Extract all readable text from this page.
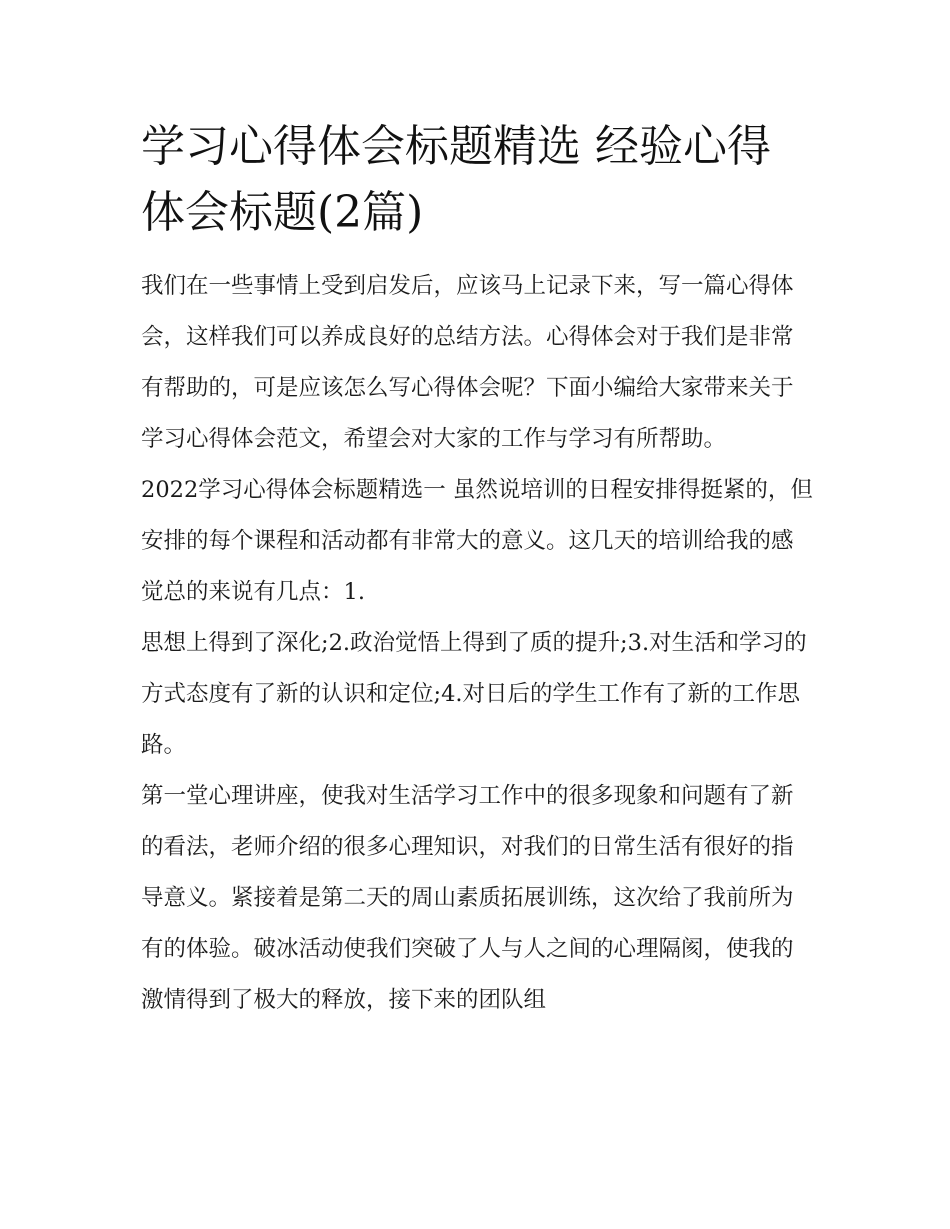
学习心得体会标题精选 经验心得体会标题(2篇)

我们在一些事情上受到启发后，应该马上记录下来，写一篇心得体会，这样我们可以养成良好的总结方法。心得体会对于我们是非常有帮助的，可是应该怎么写心得体会呢？下面小编给大家带来关于学习心得体会范文，希望会对大家的工作与学习有所帮助。

2022学习心得体会标题精选一 虽然说培训的日程安排得挺紧的，但安排的每个课程和活动都有非常大的意义。这几天的培训给我的感觉总的来说有几点：1.

思想上得到了深化;2.政治觉悟上得到了质的提升;3.对生活和学习的方式态度有了新的认识和定位;4.对日后的学生工作有了新的工作思路。

第一堂心理讲座，使我对生活学习工作中的很多现象和问题有了新的看法，老师介绍的很多心理知识，对我们的日常生活有很好的指导意义。紧接着是第二天的周山素质拓展训练，这次给了我前所为有的体验。破冰活动使我们突破了人与人之间的心理隔阂，使我的激情得到了极大的释放，接下来的团队组
